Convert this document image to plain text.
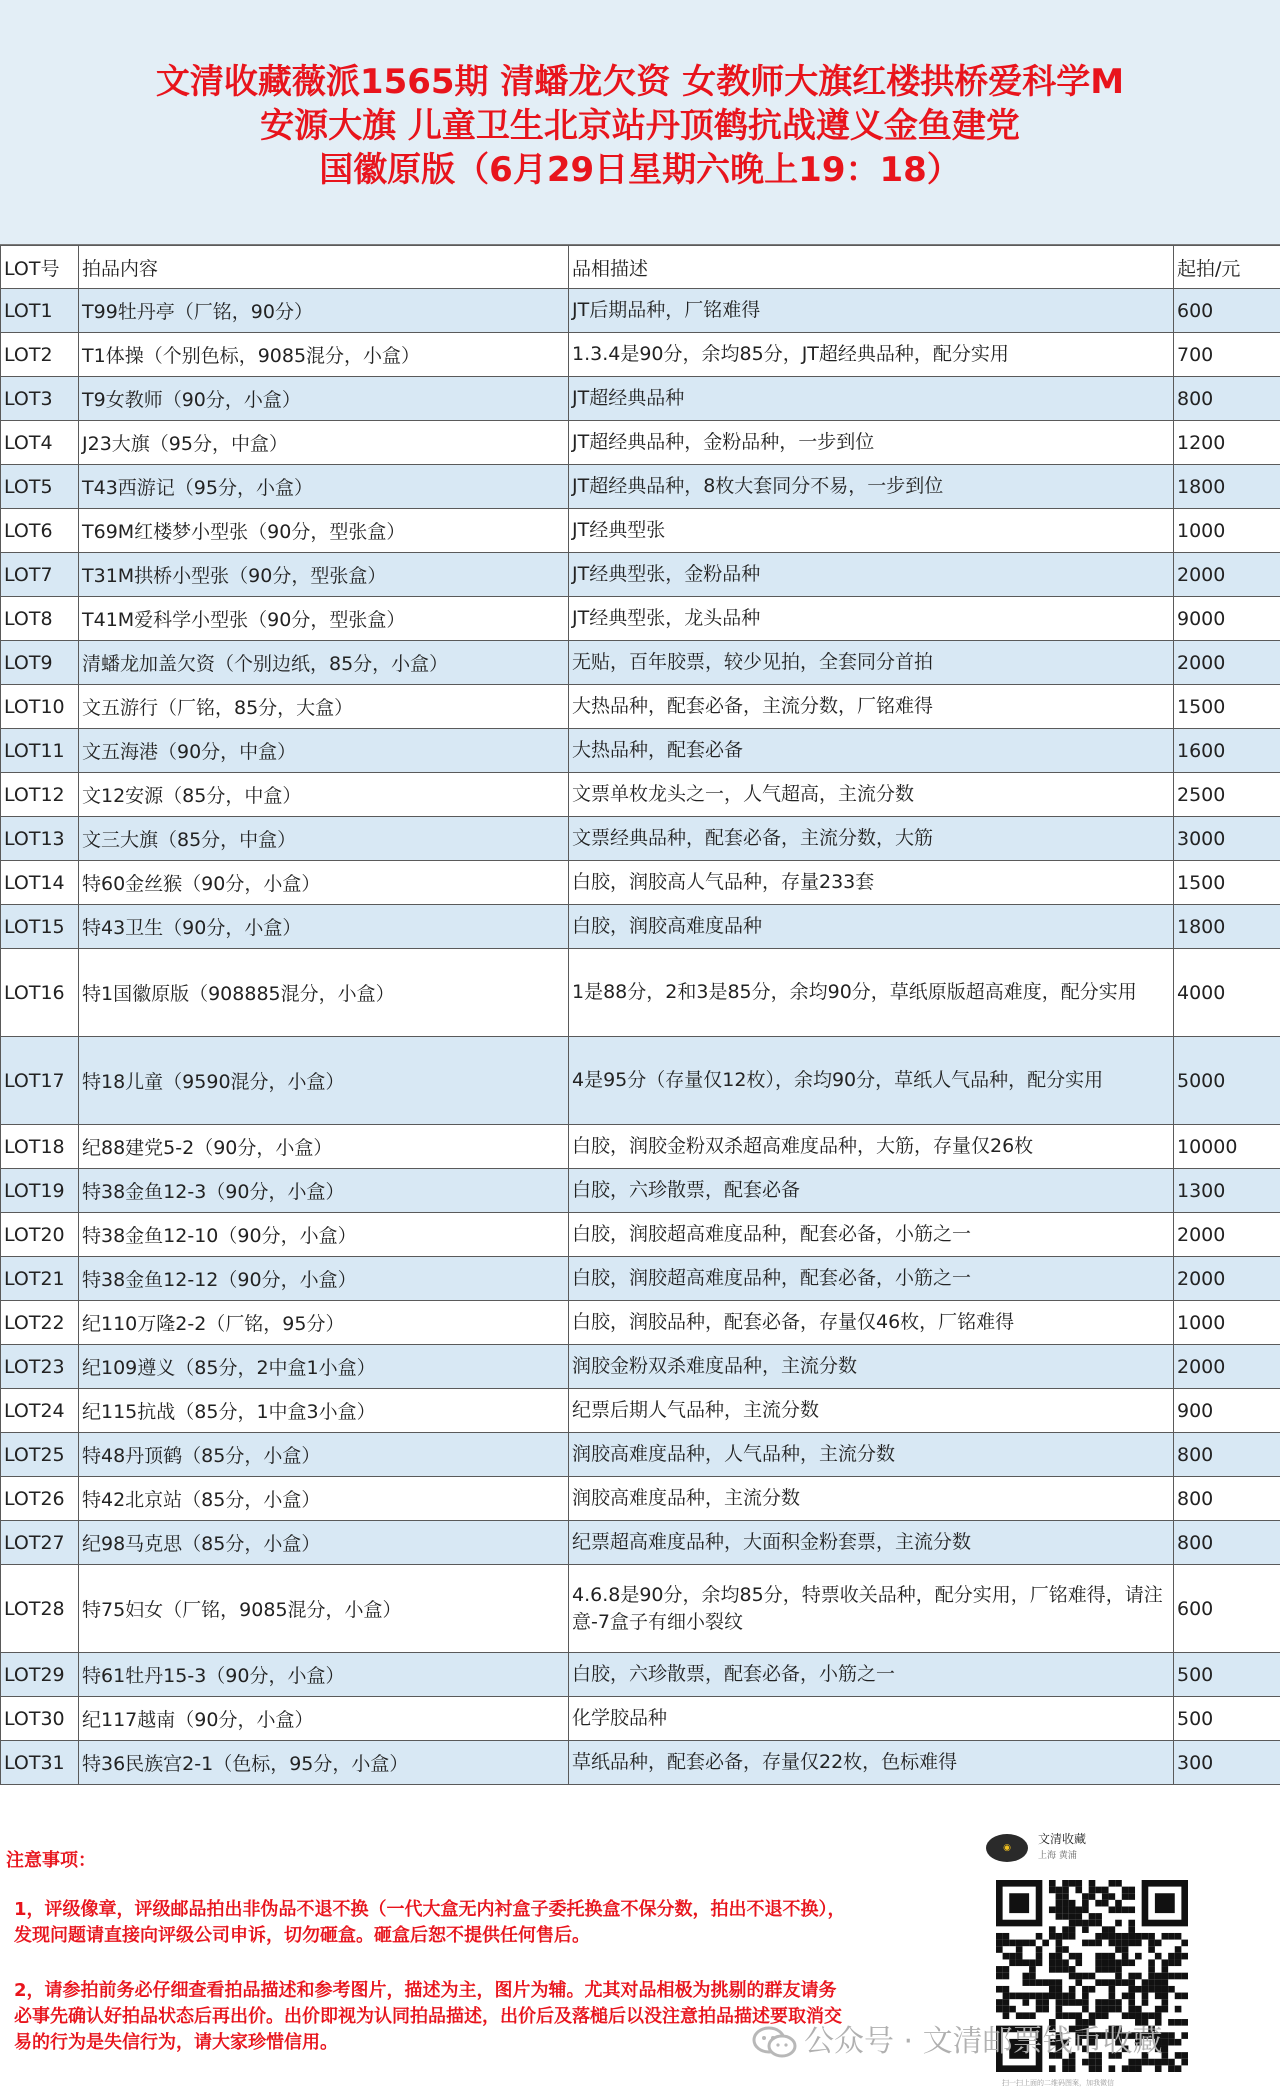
文清收藏薇派1565期 清蟠龙欠资 女教师大旗红楼拱桥爱科学M
安源大旗 儿童卫生北京站丹顶鹤抗战遵义金鱼建党
国徽原版（6月29日星期六晚上19：18）
LOT号	拍品内容	品相描述	起拍/元
LOT1	T99牡丹亭（厂铭，90分）	JT后期品种，厂铭难得	600
LOT2	T1体操（个别色标，9085混分，小盒）	1.3.4是90分，余均85分，JT超经典品种，配分实用	700
LOT3	T9女教师（90分，小盒）	JT超经典品种	800
LOT4	J23大旗（95分，中盒）	JT超经典品种，金粉品种，一步到位	1200
LOT5	T43西游记（95分，小盒）	JT超经典品种，8枚大套同分不易，一步到位	1800
LOT6	T69M红楼梦小型张（90分，型张盒）	JT经典型张	1000
LOT7	T31M拱桥小型张（90分，型张盒）	JT经典型张，金粉品种	2000
LOT8	T41M爱科学小型张（90分，型张盒）	JT经典型张，龙头品种	9000
LOT9	清蟠龙加盖欠资（个别边纸，85分，小盒）	无贴，百年胶票，较少见拍，全套同分首拍	2000
LOT10	文五游行（厂铭，85分，大盒）	大热品种，配套必备，主流分数，厂铭难得	1500
LOT11	文五海港（90分，中盒）	大热品种，配套必备	1600
LOT12	文12安源（85分，中盒）	文票单枚龙头之一，人气超高，主流分数	2500
LOT13	文三大旗（85分，中盒）	文票经典品种，配套必备，主流分数，大筋	3000
LOT14	特60金丝猴（90分，小盒）	白胶，润胶高人气品种，存量233套	1500
LOT15	特43卫生（90分，小盒）	白胶，润胶高难度品种	1800
LOT16	特1国徽原版（908885混分，小盒）	1是88分，2和3是85分，余均90分，草纸原版超高难度，配分实用	4000
LOT17	特18儿童（9590混分，小盒）	4是95分（存量仅12枚），余均90分，草纸人气品种，配分实用	5000
LOT18	纪88建党5-2（90分，小盒）	白胶，润胶金粉双杀超高难度品种，大筋，存量仅26枚	10000
LOT19	特38金鱼12-3（90分，小盒）	白胶，六珍散票，配套必备	1300
LOT20	特38金鱼12-10（90分，小盒）	白胶，润胶超高难度品种，配套必备，小筋之一	2000
LOT21	特38金鱼12-12（90分，小盒）	白胶，润胶超高难度品种，配套必备，小筋之一	2000
LOT22	纪110万隆2-2（厂铭，95分）	白胶，润胶品种，配套必备，存量仅46枚，厂铭难得	1000
LOT23	纪109遵义（85分，2中盒1小盒）	润胶金粉双杀难度品种，主流分数	2000
LOT24	纪115抗战（85分，1中盒3小盒）	纪票后期人气品种，主流分数	900
LOT25	特48丹顶鹤（85分，小盒）	润胶高难度品种，人气品种，主流分数	800
LOT26	特42北京站（85分，小盒）	润胶高难度品种，主流分数	800
LOT27	纪98马克思（85分，小盒）	纪票超高难度品种，大面积金粉套票，主流分数	800
LOT28	特75妇女（厂铭，9085混分，小盒）	4.6.8是90分，余均85分，特票收关品种，配分实用，厂铭难得，请注意-7盒子有细小裂纹	600
LOT29	特61牡丹15-3（90分，小盒）	白胶，六珍散票，配套必备，小筋之一	500
LOT30	纪117越南（90分，小盒）	化学胶品种	500
LOT31	特36民族宫2-1（色标，95分，小盒）	草纸品种，配套必备，存量仅22枚，色标难得	300
注意事项：
1，评级像章，评级邮品拍出非伪品不退不换（一代大盒无内衬盒子委托换盒不保分数，拍出不退不换），发现问题请直接向评级公司申诉，切勿砸盒。砸盒后恕不提供任何售后。
2，请参拍前务必仔细查看拍品描述和参考图片，描述为主，图片为辅。尤其对品相极为挑剔的群友请务必事先确认好拍品状态后再出价。出价即视为认同拍品描述，出价后及落槌后以没注意拍品描述要取消交易的行为是失信行为，请大家珍惜信用。
◉
文清收藏
上海 黄浦
扫一扫上面的二维码图案，加我微信
公众号 · 文清邮票钱币收藏
